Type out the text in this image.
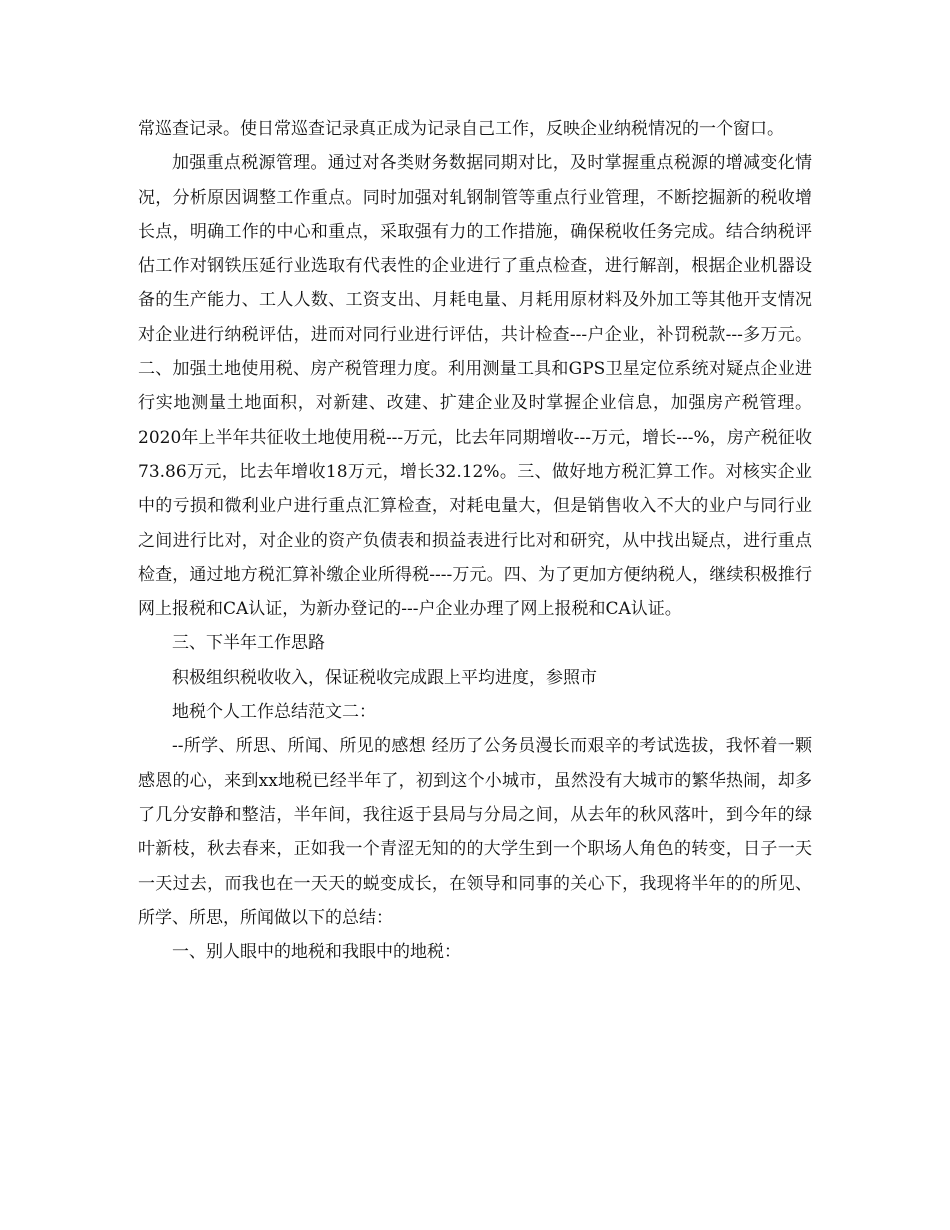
常巡查记录。使日常巡查记录真正成为记录自己工作，反映企业纳税情况的一个窗口。

加强重点税源管理。通过对各类财务数据同期对比，及时掌握重点税源的增减变化情况，分析原因调整工作重点。同时加强对轧钢制管等重点行业管理，不断挖掘新的税收增长点，明确工作的中心和重点，采取强有力的工作措施，确保税收任务完成。结合纳税评估工作对钢铁压延行业选取有代表性的企业进行了重点检查，进行解剖，根据企业机器设备的生产能力、工人人数、工资支出、月耗电量、月耗用原材料及外加工等其他开支情况对企业进行纳税评估，进而对同行业进行评估，共计检查---户企业，补罚税款---多万元。二、加强土地使用税、房产税管理力度。利用测量工具和GPS卫星定位系统对疑点企业进行实地测量土地面积，对新建、改建、扩建企业及时掌握企业信息，加强房产税管理。2020年上半年共征收土地使用税---万元，比去年同期增收---万元，增长---%，房产税征收73.86万元，比去年增收18万元，增长32.12%。三、做好地方税汇算工作。对核实企业中的亏损和微利业户进行重点汇算检查，对耗电量大，但是销售收入不大的业户与同行业之间进行比对，对企业的资产负债表和损益表进行比对和研究，从中找出疑点，进行重点检查，通过地方税汇算补缴企业所得税----万元。四、为了更加方便纳税人，继续积极推行网上报税和CA认证，为新办登记的---户企业办理了网上报税和CA认证。

三、下半年工作思路

积极组织税收收入，保证税收完成跟上平均进度，参照市

地税个人工作总结范文二：

--所学、所思、所闻、所见的感想 经历了公务员漫长而艰辛的考试选拔，我怀着一颗感恩的心，来到xx地税已经半年了，初到这个小城市，虽然没有大城市的繁华热闹，却多了几分安静和整洁，半年间，我往返于县局与分局之间，从去年的秋风落叶，到今年的绿叶新枝，秋去春来，正如我一个青涩无知的的大学生到一个职场人角色的转变，日子一天一天过去，而我也在一天天的蜕变成长，在领导和同事的关心下，我现将半年的的所见、所学、所思，所闻做以下的总结：

一、别人眼中的地税和我眼中的地税：
